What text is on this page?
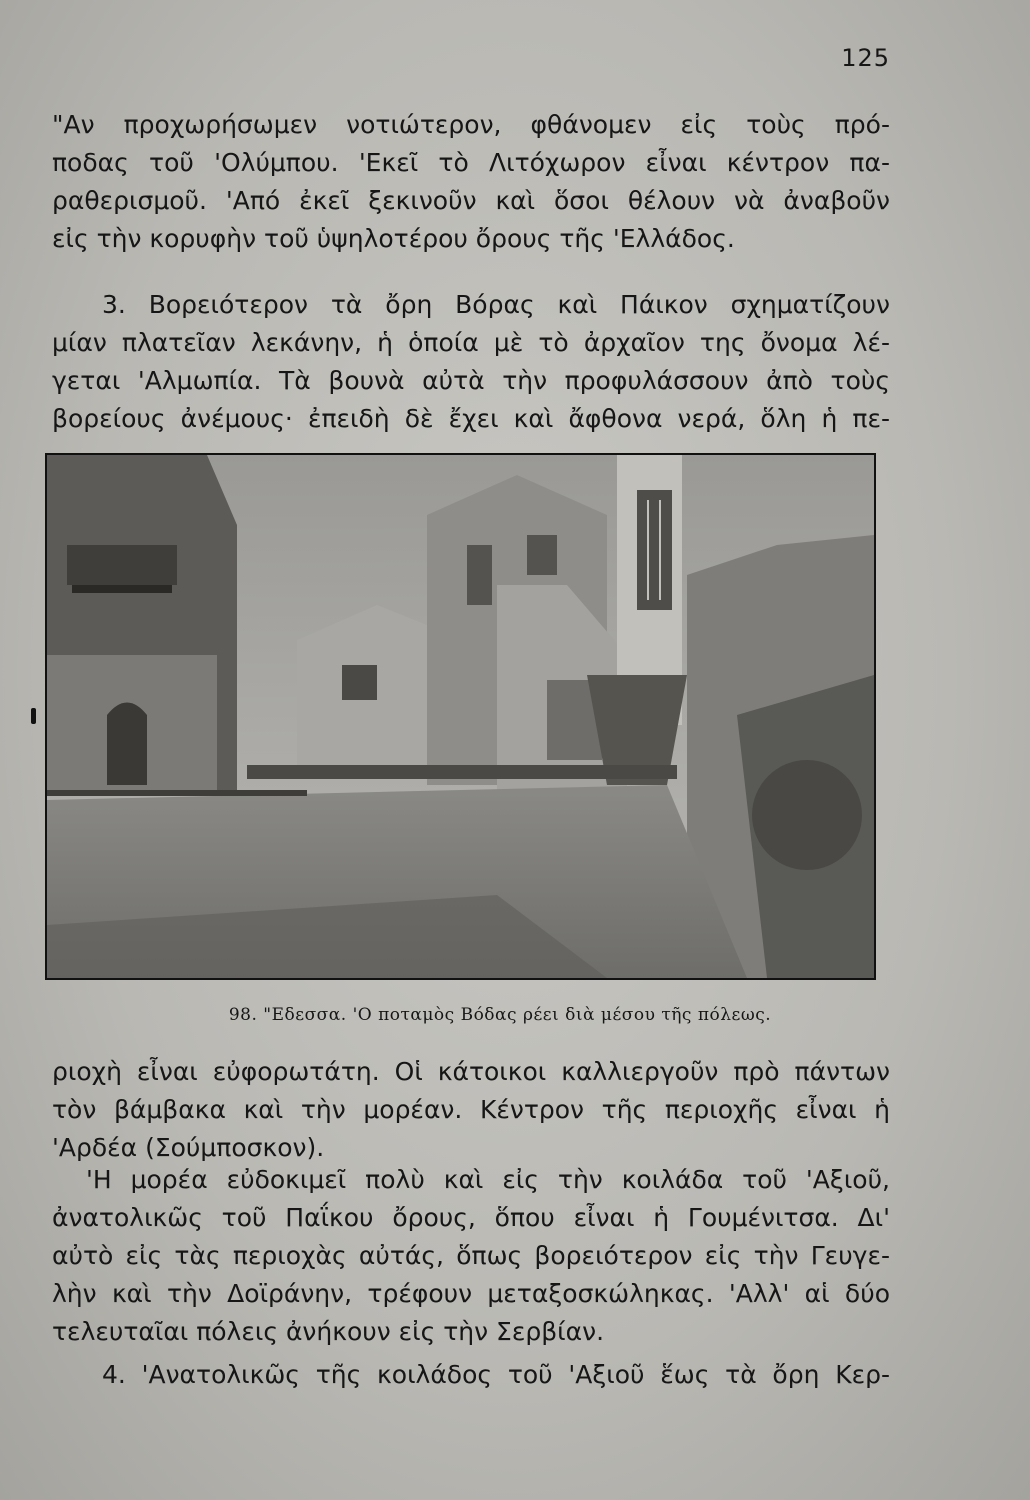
125
"Αν προχωρήσωμεν νοτιώτερον, φθάνομεν εἰς τοὺς πρό-
ποδας τοῦ 'Ολύμπου. 'Εκεῖ τὸ Λιτόχωρον εἶναι κέντρον πα-
ραθερισμοῦ. 'Από ἐκεῖ ξεκινοῦν καὶ ὅσοι θέλουν νὰ ἀναβοῦν
εἰς τὴν κορυφὴν τοῦ ὑψηλοτέρου ὄρους τῆς 'Ελλάδος.
3. Βορειότερον τὰ ὄρη Βόρας καὶ Πάικον σχηματίζουν
μίαν πλατεῖαν λεκάνην, ἡ ὁποία μὲ τὸ ἀρχαῖον της ὄνομα λέ-
γεται 'Αλμωπία. Τὰ βουνὰ αὐτὰ τὴν προφυλάσσουν ἀπὸ τοὺς
βορείους ἀνέμους· ἐπειδὴ δὲ ἔχει καὶ ἄφθονα νερά, ὅλη ἡ πε-
98. "Εδεσσα. 'Ο ποταμὸς Βόδας ρέει διὰ μέσου τῆς πόλεως.
ριοχὴ εἶναι εὐφορωτάτη. Οἱ κάτοικοι καλλιεργοῦν πρὸ πάντων
τὸν βάμβακα καὶ τὴν μορέαν. Κέντρον τῆς περιοχῆς εἶναι ἡ
'Αρδέα (Σούμποσκον).
'Η μορέα εὐδοκιμεῖ πολὺ καὶ εἰς τὴν κοιλάδα τοῦ 'Αξιοῦ,
ἀνατολικῶς τοῦ Παΐκου ὄρους, ὅπου εἶναι ἡ Γουμένιτσα. Δι'
αὐτὸ εἰς τὰς περιοχὰς αὐτάς, ὅπως βορειότερον εἰς τὴν Γευγε-
λὴν καὶ τὴν Δοϊράνην, τρέφουν μεταξοσκώληκας. 'Αλλ' αἱ δύο
τελευταῖαι πόλεις ἀνήκουν εἰς τὴν Σερβίαν.
4. 'Ανατολικῶς τῆς κοιλάδος τοῦ 'Αξιοῦ ἕως τὰ ὄρη Κερ-
